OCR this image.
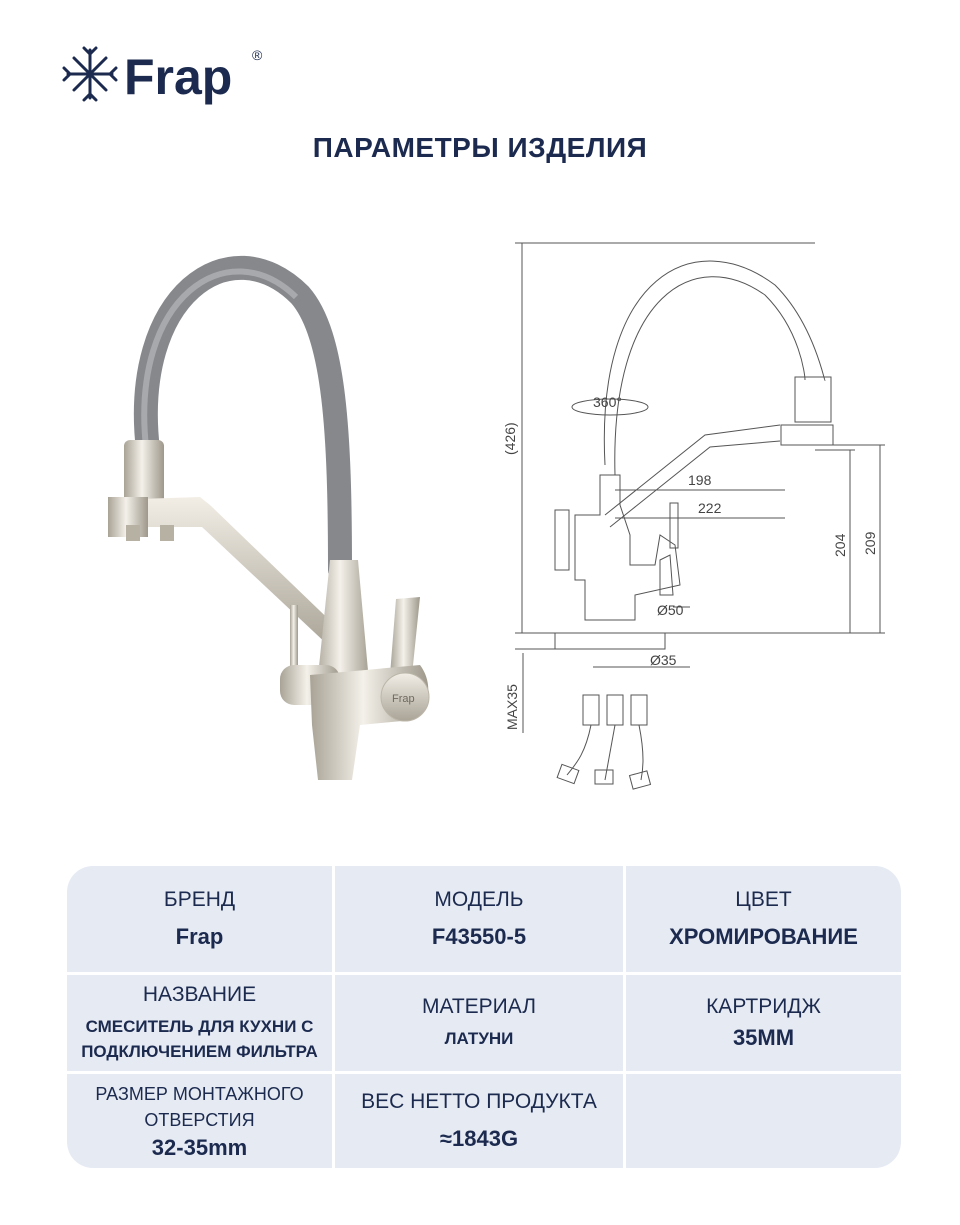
Frap ®
ПАРАМЕТРЫ ИЗДЕЛИЯ
Frap
(426)
360°
198
222
204 209
Ø50
Ø35
MAX35
БРЕНД
Frap
МОДЕЛЬ
F43550-5
ЦВЕТ
ХРОМИРОВАНИЕ
НАЗВАНИЕ
СМЕСИТЕЛЬ ДЛЯ КУХНИ С ПОДКЛЮЧЕНИЕМ ФИЛЬТРА
МАТЕРИАЛ
ЛАТУНИ
КАРТРИДЖ
35MM
РАЗМЕР МОНТАЖНОГО ОТВЕРСТИЯ
32-35mm
ВЕС НЕТТО ПРОДУКТА
≈1843G
